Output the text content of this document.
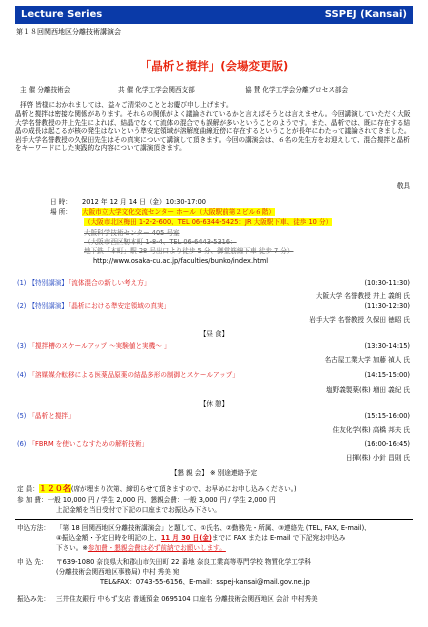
Lecture Series	SSPEJ (Kansai)
第１８回関西地区分離技術講演会
「晶析と撹拌」(会場変更版)
主 催 分離技術会	共 催 化学工学会関西支部	協 賛 化学工学会分離プロセス部会
拝啓 皆様におかれましては、益々ご清栄のこととお慶び申し上げます。
晶析と撹拌は密接な関係があります。それらの関係がよく議論されているかと言えばそうとは言えません。今回講演していただく大阪大学名誉教授の井上先生によれば、結晶でなくて流体の混合でも誤解が多いということのようです。また、晶析では、既に存在する結晶の成長は起こるが核の発生はないという準安定領域が溶解度曲線近傍に存在するということが長年にわたって議論されてきました。岩手大学名誉教授の久保田先生はその真実について講演して頂きます。今回の講演会は、６名の先生方をお迎えして、混合撹拌と晶析をキーワードにした実践的な内容について講演頂きます。
敬具
日 時： 2012 年 12 月 14 日（金）10:30-17:00
場 所： 大阪市立大学文化交流センター ホール（大阪駅前第２ビル６階）
（大阪市北区梅田 1-2-2-600、TEL 06-6344-5425：JR 大阪駅下車、徒歩 10 分）
大阪科学技術センター 405 号室
（大阪市西区靭本町 1-8-4、TEL 06-6443-5316：
地下鉄「本町」駅 28 号出口より徒歩 5 分、御堂筋線下車 徒歩 7 分）
http://www.osaka-cu.ac.jp/faculties/bunko/index.html
(1) 【特別講演】「流体混合の新しい考え方」	(10:30-11:30)
大阪大学 名誉教授 井上 義朗 氏
(2) 【特別講演】「晶析における準安定領域の真実」	(11:30-12:30)
岩手大学 名誉教授 久保田 徳昭 氏
【昼 食】
(3) 「撹拌槽のスケールアップ ～実験値と実機～ 」	(13:30-14:15)
名古屋工業大学 加藤 禎人 氏
(4) 「溶媒媒介転移による医薬品原薬の結晶多形の制御とスケールアップ」	(14:15-15:00)
塩野義製薬(株) 増田 義紀 氏
【休 憩】
(5) 「晶析と撹拌」	(15:15-16:00)
住友化学(株) 高橋 邦夫 氏
(6) 「FBRM を使いこなすための解析技術」	(16:00-16:45)
日揮(株) 小針 昌則 氏
【懇 親 会】 ※ 別途連絡予定
定 員：１２０名(席が埋まり次第、締切らせて頂きますので、お早めにお申し込みください。)
参 加 費：一般 10,000 円 / 学生 2,000 円、懇親会費：一般 3,000 円 / 学生 2,000 円
上記金額を当日受付で下記の口座までお振込み下さい。
申込方法： 「第 18 回関西地区分離技術講演会」と題して、①氏名、②勤務先・所属、③連絡先 (TEL, FAX, E-mail)、
④振込金額・予定日時を明記の上、11 月 30 日(金)までに FAX または E-mail で下記宛お申込み
下さい。※参加費・懇親会費は必ず前納でお願いします。
申 込 先： 〒639-1080 奈良県大和郡山市矢田町 22 番地 奈良工業高等専門学校 物質化学工学科
(分離技術会関西地区事務局) 中村 秀美 宛
TEL&FAX：0743-55-6156、E-mail：sspej-kansai@mail.gov.ne.jp
振込み先： 三井住友銀行 中もず支店 普通預金 0695104 口座名 分離技術会関西地区 会計 中村秀美
